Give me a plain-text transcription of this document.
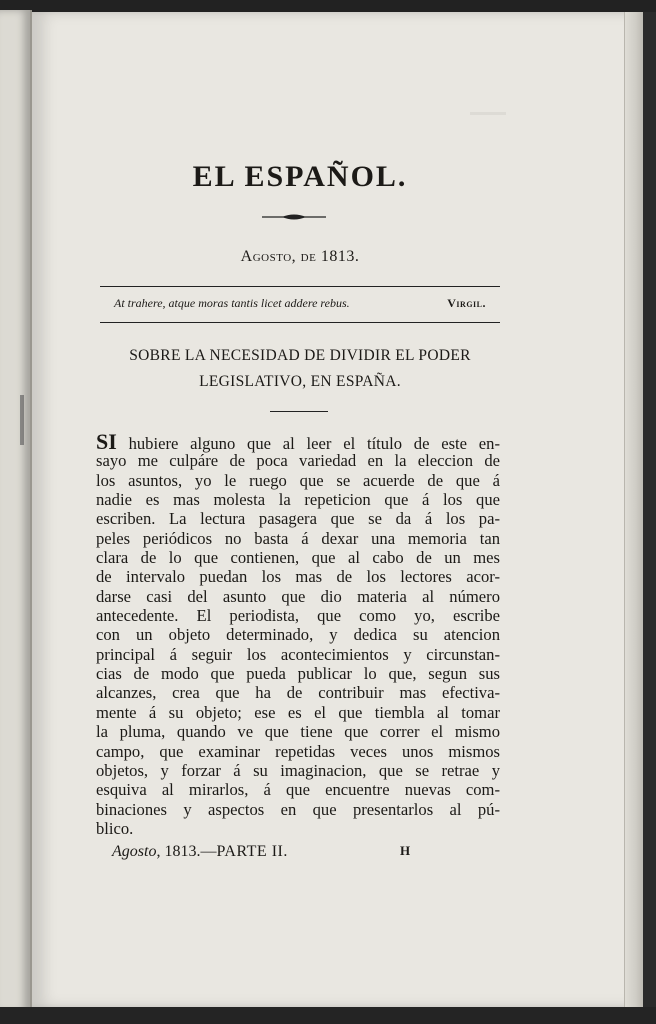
EL ESPAÑOL.
Agosto, de 1813.
At trahere, atque moras tantis licet addere rebus.	Virgil.
SOBRE LA NECESIDAD DE DIVIDIR EL PODER
LEGISLATIVO, EN ESPAÑA.
SI hubiere alguno que al leer el título de este en-
sayo me culpáre de poca variedad en la eleccion de
los asuntos, yo le ruego que se acuerde de que á
nadie es mas molesta la repeticion que á los que
escriben. La lectura pasagera que se da á los pa-
peles periódicos no basta á dexar una memoria tan
clara de lo que contienen, que al cabo de un mes
de intervalo puedan los mas de los lectores acor-
darse casi del asunto que dio materia al número
antecedente. El periodista, que como yo, escribe
con un objeto determinado, y dedica su atencion
principal á seguir los acontecimientos y circunstan-
cias de modo que pueda publicar lo que, segun sus
alcanzes, crea que ha de contribuir mas efectiva-
mente á su objeto; ese es el que tiembla al tomar
la pluma, quando ve que tiene que correr el mismo
campo, que examinar repetidas veces unos mismos
objetos, y forzar á su imaginacion, que se retrae y
esquiva al mirarlos, á que encuentre nuevas com-
binaciones y aspectos en que presentarlos al pú-
blico.
Agosto, 1813.—PARTE II.	H
